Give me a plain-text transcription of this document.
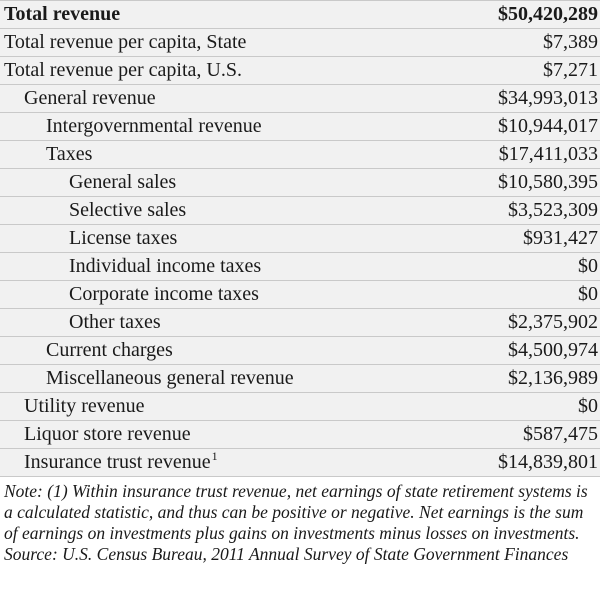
Total revenue	$50,420,289
Total revenue per capita, State	$7,389
Total revenue per capita, U.S.	$7,271
General revenue	$34,993,013
Intergovernmental revenue	$10,944,017
Taxes	$17,411,033
General sales	$10,580,395
Selective sales	$3,523,309
License taxes	$931,427
Individual income taxes	$0
Corporate income taxes	$0
Other taxes	$2,375,902
Current charges	$4,500,974
Miscellaneous general revenue	$2,136,989
Utility revenue	$0
Liquor store revenue	$587,475
Insurance trust revenue$^1$	$14,839,801

Note: (1) Within insurance trust revenue, net earnings of state retirement systems is a calculated statistic, and thus can be positive or negative. Net earnings is the sum of earnings on investments plus gains on investments minus losses on investments.

Source: U.S. Census Bureau, 2011 Annual Survey of State Government Finances
